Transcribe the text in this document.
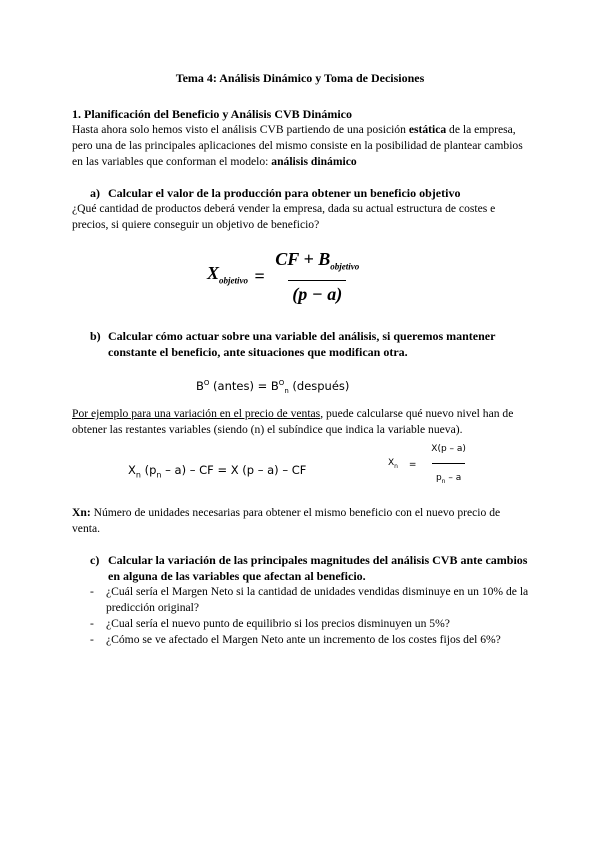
Tema 4: Análisis Dinámico y Toma de Decisiones
1. Planificación del Beneficio y Análisis CVB Dinámico

Hasta ahora solo hemos visto el análisis CVB partiendo de una posición estática de la empresa, pero una de las principales aplicaciones del mismo consiste en la posibilidad de plantear cambios en las variables que conforman el modelo: análisis dinámico

a) Calcular el valor de la producción para obtener un beneficio objetivo
¿Qué cantidad de productos deberá vender la empresa, dada su actual estructura de costes e precios, si quiere conseguir un objetivo de beneficio?
$X_{objetivo} = \frac{CF + B_{objetivo}}{(p - a)}$
b) Calcular cómo actuar sobre una variable del análisis, si queremos mantener constante el beneficio, ante situaciones que modifican otra.
$B^O$ (antes) = $B^O_n$ (después)
Por ejemplo para una variación en el precio de ventas, puede calcularse qué nuevo nivel han de obtener las restantes variables (siendo (n) el subíndice que indica la variable nueva).
$X_n$ $(p_n - a)$ – CF = X (p – a) – CF	$X_n = \frac{X(p - a)}{p_n - a}$
Xn: Número de unidades necesarias para obtener el mismo beneficio con el nuevo precio de venta.
c) Calcular la variación de las principales magnitudes del análisis CVB ante cambios en alguna de las variables que afectan al beneficio.
- ¿Cuál sería el Margen Neto si la cantidad de unidades vendidas disminuye en un 10% de la predicción original?
- ¿Cual sería el nuevo punto de equilibrio si los precios disminuyen un 5%?
- ¿Cómo se ve afectado el Margen Neto ante un incremento de los costes fijos del 6%?
